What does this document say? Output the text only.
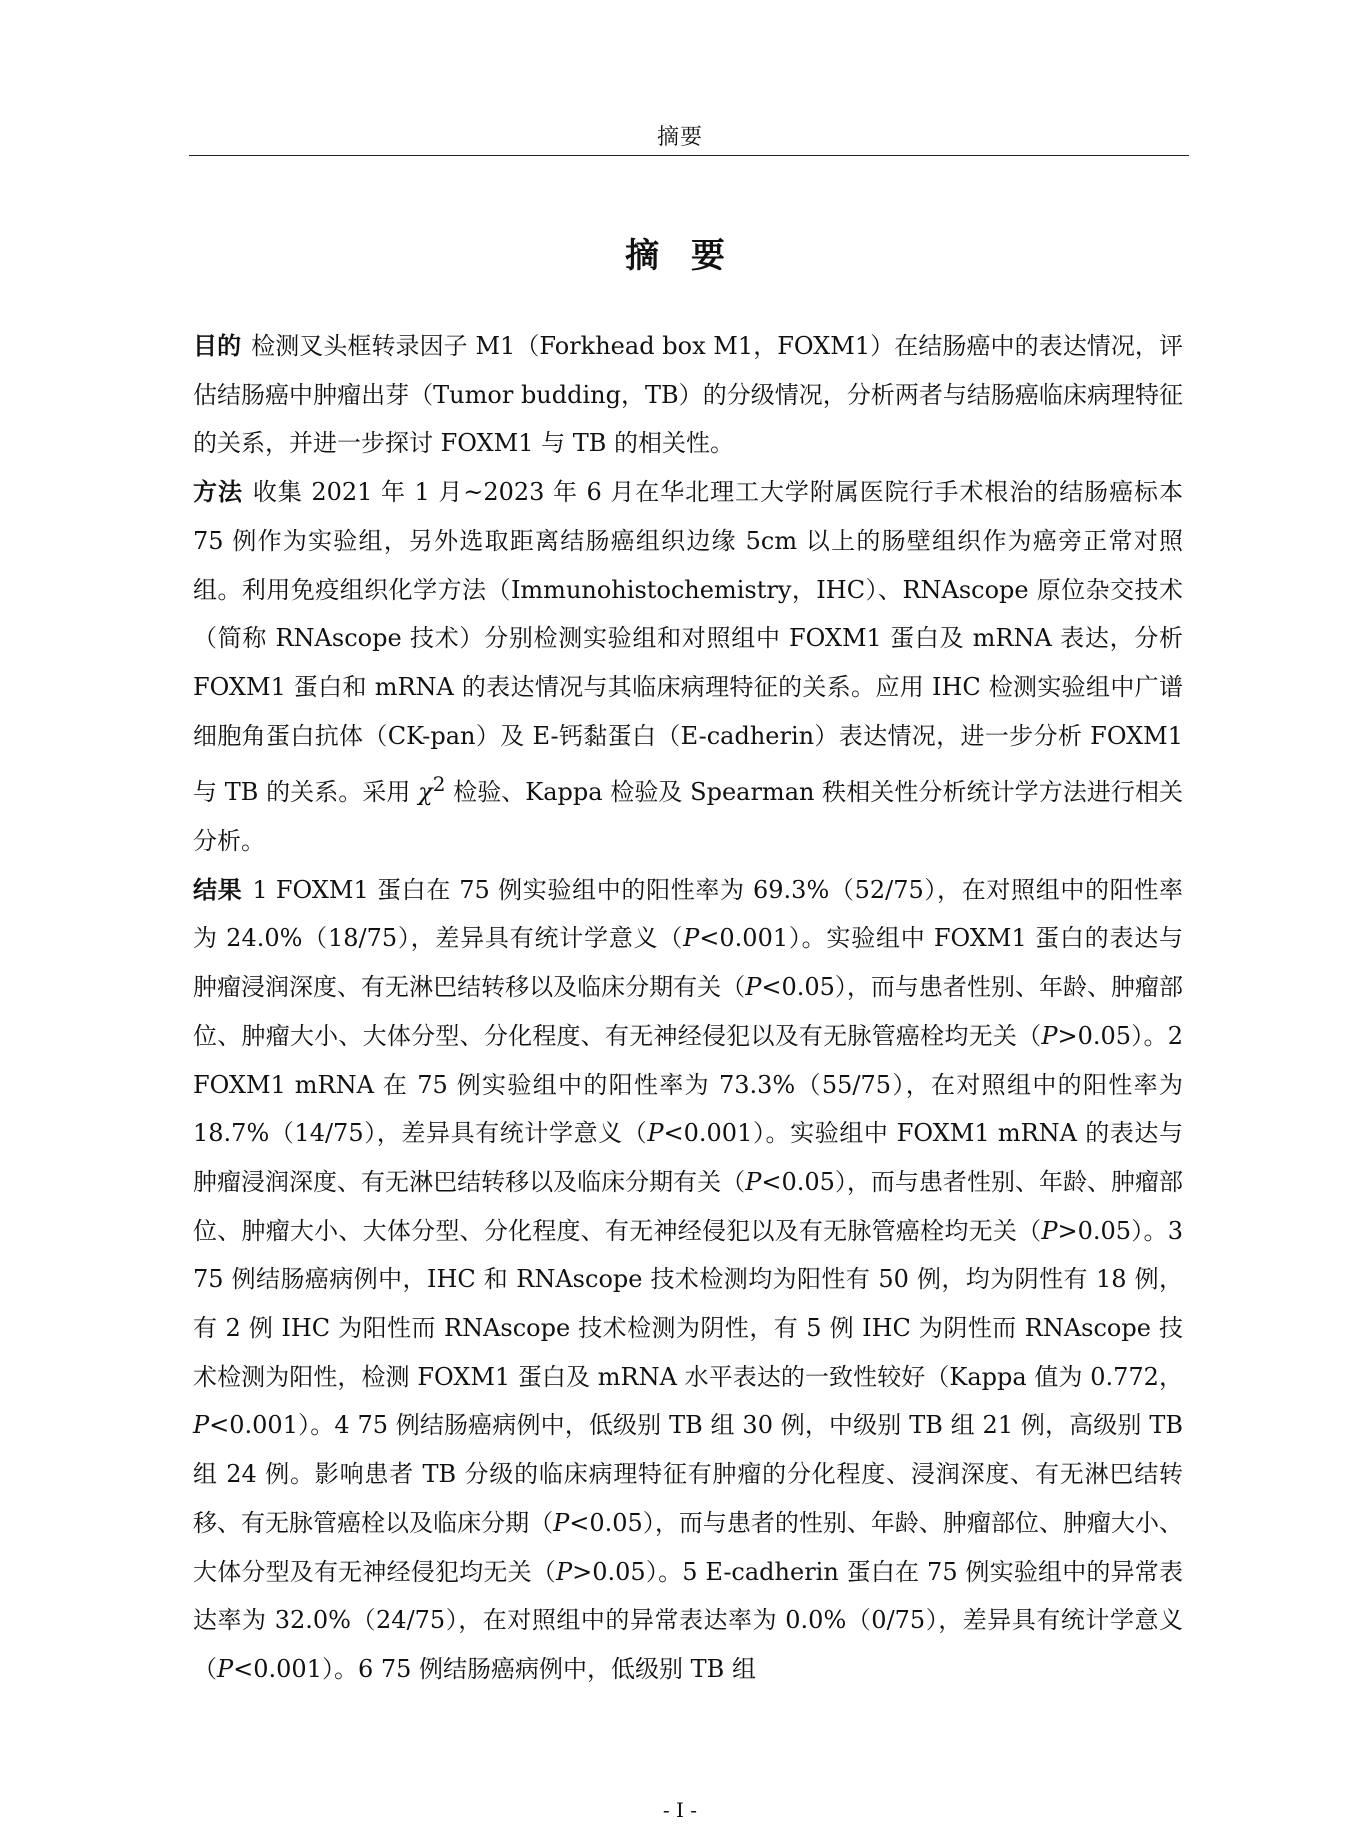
摘要
摘 要

目的 检测叉头框转录因子 M1（Forkhead box M1，FOXM1）在结肠癌中的表达情况，评估结肠癌中肿瘤出芽（Tumor budding，TB）的分级情况，分析两者与结肠癌临床病理特征的关系，并进一步探讨 FOXM1 与 TB 的相关性。

方法 收集 2021 年 1 月~2023 年 6 月在华北理工大学附属医院行手术根治的结肠癌标本 75 例作为实验组，另外选取距离结肠癌组织边缘 5cm 以上的肠壁组织作为癌旁正常对照组。利用免疫组织化学方法（Immunohistochemistry，IHC）、RNAscope 原位杂交技术（简称 RNAscope 技术）分别检测实验组和对照组中 FOXM1 蛋白及 mRNA 表达，分析 FOXM1 蛋白和 mRNA 的表达情况与其临床病理特征的关系。应用 IHC 检测实验组中广谱细胞角蛋白抗体（CK-pan）及 E-钙黏蛋白（E-cadherin）表达情况，进一步分析 FOXM1 与 TB 的关系。采用 $\chi^2$ 检验、Kappa 检验及 Spearman 秩相关性分析统计学方法进行相关分析。

结果 1 FOXM1 蛋白在 75 例实验组中的阳性率为 69.3%（52/75），在对照组中的阳性率为 24.0%（18/75），差异具有统计学意义（P<0.001）。实验组中 FOXM1 蛋白的表达与肿瘤浸润深度、有无淋巴结转移以及临床分期有关（P<0.05），而与患者性别、年龄、肿瘤部位、肿瘤大小、大体分型、分化程度、有无神经侵犯以及有无脉管癌栓均无关（P>0.05）。2 FOXM1 mRNA 在 75 例实验组中的阳性率为 73.3%（55/75），在对照组中的阳性率为 18.7%（14/75），差异具有统计学意义（P<0.001）。实验组中 FOXM1 mRNA 的表达与肿瘤浸润深度、有无淋巴结转移以及临床分期有关（P<0.05），而与患者性别、年龄、肿瘤部位、肿瘤大小、大体分型、分化程度、有无神经侵犯以及有无脉管癌栓均无关（P>0.05）。3 75 例结肠癌病例中，IHC 和 RNAscope 技术检测均为阳性有 50 例，均为阴性有 18 例，有 2 例 IHC 为阳性而 RNAscope 技术检测为阴性，有 5 例 IHC 为阴性而 RNAscope 技术检测为阳性，检测 FOXM1 蛋白及 mRNA 水平表达的一致性较好（Kappa 值为 0.772，P<0.001）。4 75 例结肠癌病例中，低级别 TB 组 30 例，中级别 TB 组 21 例，高级别 TB 组 24 例。影响患者 TB 分级的临床病理特征有肿瘤的分化程度、浸润深度、有无淋巴结转移、有无脉管癌栓以及临床分期（P<0.05），而与患者的性别、年龄、肿瘤部位、肿瘤大小、大体分型及有无神经侵犯均无关（P>0.05）。5 E-cadherin 蛋白在 75 例实验组中的异常表达率为 32.0%（24/75），在对照组中的异常表达率为 0.0%（0/75），差异具有统计学意义（P<0.001）。6 75 例结肠癌病例中，低级别 TB 组

- I -
